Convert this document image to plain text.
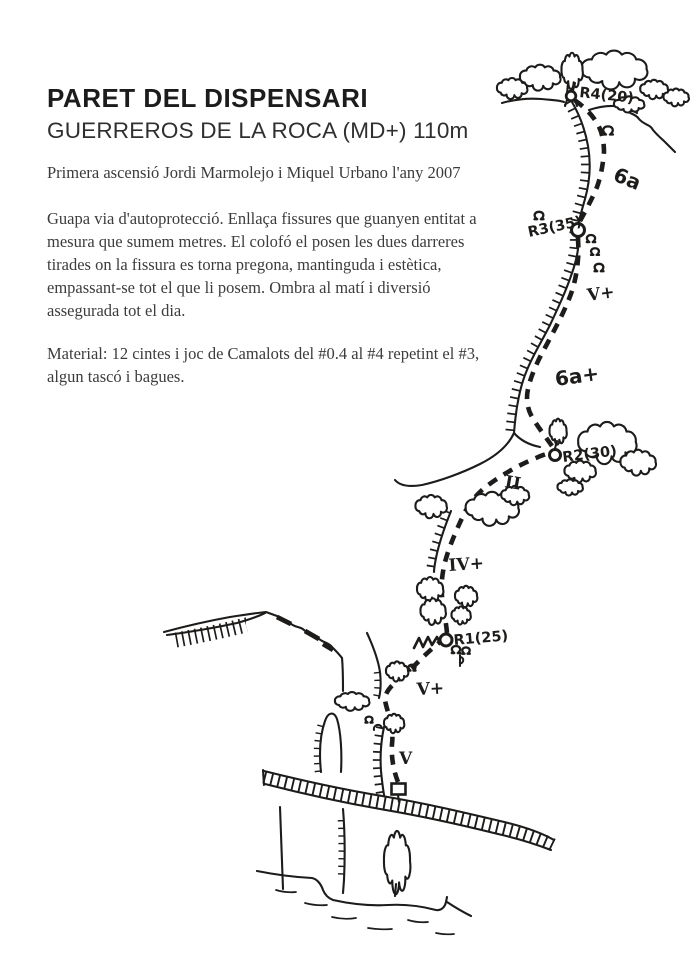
R4(20)
6a
R3(35)
V+
6a+
R2(30)
II
IV+
R1(25)
V+
V
PARET DEL DISPENSARI
GUERREROS DE LA ROCA (MD+) 110m

Primera ascensió Jordi Marmolejo i Miquel Urbano l'any 2007

Guapa via d'autoprotecció. Enllaça fissures que guanyen entitat a mesura que sumem metres. El colofó el posen les dues darreres tirades on la fissura es torna pregona, mantinguda i estètica, empassant-se tot el que li posem. Ombra al matí i diversió assegurada tot el dia.

Material: 12 cintes i joc de Camalots del #0.4 al #4 repetint el #3, algun tascó i bagues.
